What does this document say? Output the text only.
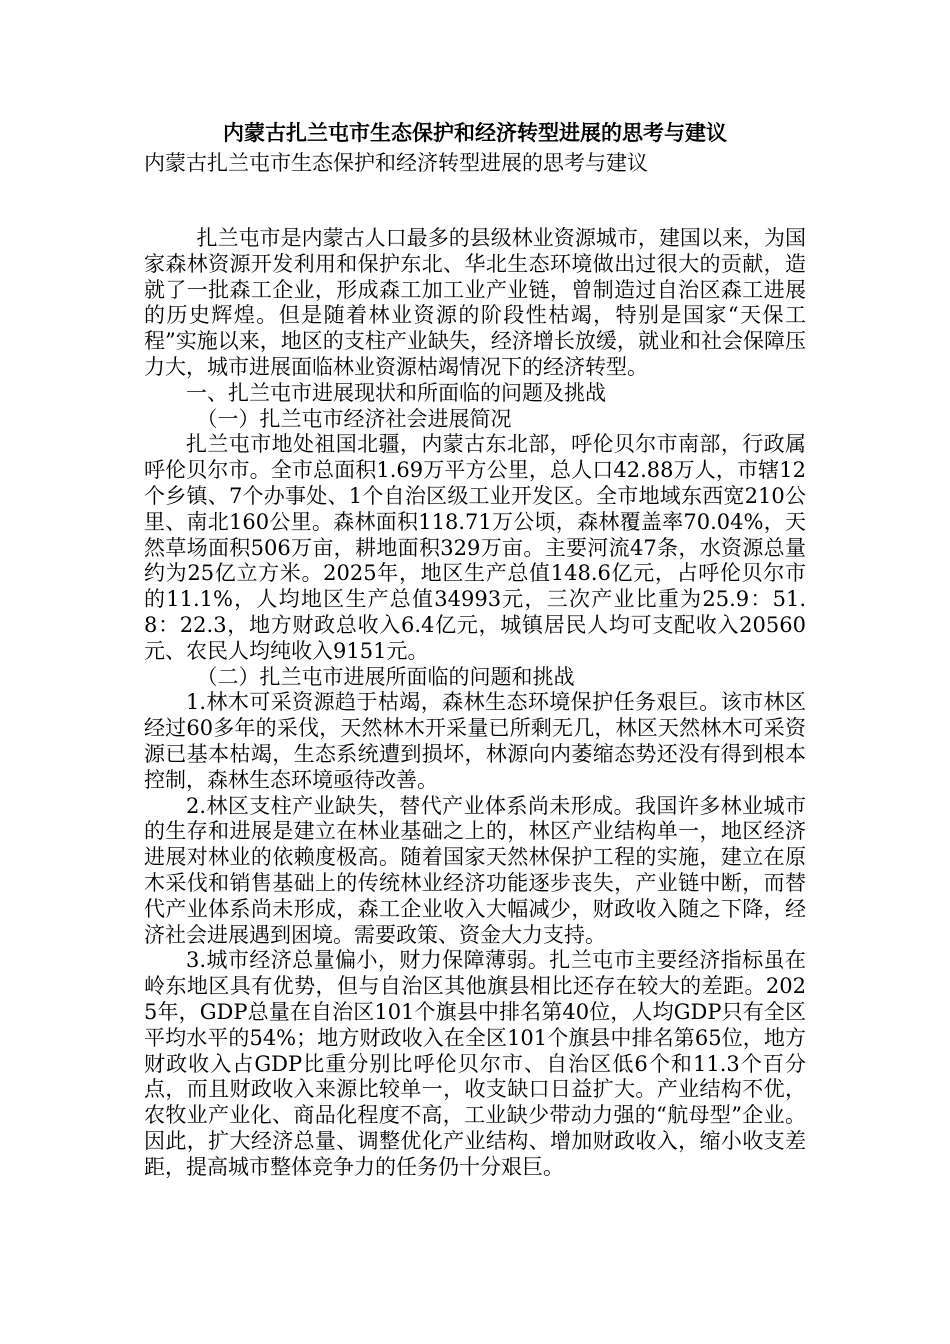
内蒙古扎兰屯市生态保护和经济转型进展的思考与建议

内蒙古扎兰屯市生态保护和经济转型进展的思考与建议

扎兰屯市是内蒙古人口最多的县级林业资源城市，建国以来，为国家森林资源开发利用和保护东北、华北生态环境做出过很大的贡献，造就了一批森工企业，形成森工加工业产业链，曾制造过自治区森工进展的历史辉煌。但是随着林业资源的阶段性枯竭，特别是国家“天保工程”实施以来，地区的支柱产业缺失，经济增长放缓，就业和社会保障压力大，城市进展面临林业资源枯竭情况下的经济转型。

一、扎兰屯市进展现状和所面临的问题及挑战

（一）扎兰屯市经济社会进展简况

扎兰屯市地处祖国北疆，内蒙古东北部，呼伦贝尔市南部，行政属呼伦贝尔市。全市总面积1.69万平方公里，总人口42.88万人，市辖12个乡镇、7个办事处、1个自治区级工业开发区。全市地域东西宽210公里、南北160公里。森林面积118.71万公顷，森林覆盖率70.04%，天然草场面积506万亩，耕地面积329万亩。主要河流47条，水资源总量约为25亿立方米。2025年，地区生产总值148.6亿元，占呼伦贝尔市的11.1%，人均地区生产总值34993元，三次产业比重为25.9：51.8：22.3，地方财政总收入6.4亿元，城镇居民人均可支配收入20560元、农民人均纯收入9151元。

（二）扎兰屯市进展所面临的问题和挑战

1.林木可采资源趋于枯竭，森林生态环境保护任务艰巨。该市林区经过60多年的采伐，天然林木开采量已所剩无几，林区天然林木可采资源已基本枯竭，生态系统遭到损坏，林源向内萎缩态势还没有得到根本控制，森林生态环境亟待改善。

2.林区支柱产业缺失，替代产业体系尚未形成。我国许多林业城市的生存和进展是建立在林业基础之上的，林区产业结构单一，地区经济进展对林业的依赖度极高。随着国家天然林保护工程的实施，建立在原木采伐和销售基础上的传统林业经济功能逐步丧失，产业链中断，而替代产业体系尚未形成，森工企业收入大幅减少，财政收入随之下降，经济社会进展遇到困境。需要政策、资金大力支持。

3.城市经济总量偏小，财力保障薄弱。扎兰屯市主要经济指标虽在岭东地区具有优势，但与自治区其他旗县相比还存在较大的差距。2025年，GDP总量在自治区101个旗县中排名第40位，人均GDP只有全区平均水平的54%；地方财政收入在全区101个旗县中排名第65位，地方财政收入占GDP比重分别比呼伦贝尔市、自治区低6个和11.3个百分点，而且财政收入来源比较单一，收支缺口日益扩大。产业结构不优，农牧业产业化、商品化程度不高，工业缺少带动力强的“航母型”企业。因此，扩大经济总量、调整优化产业结构、增加财政收入，缩小收支差距，提高城市整体竞争力的任务仍十分艰巨。
